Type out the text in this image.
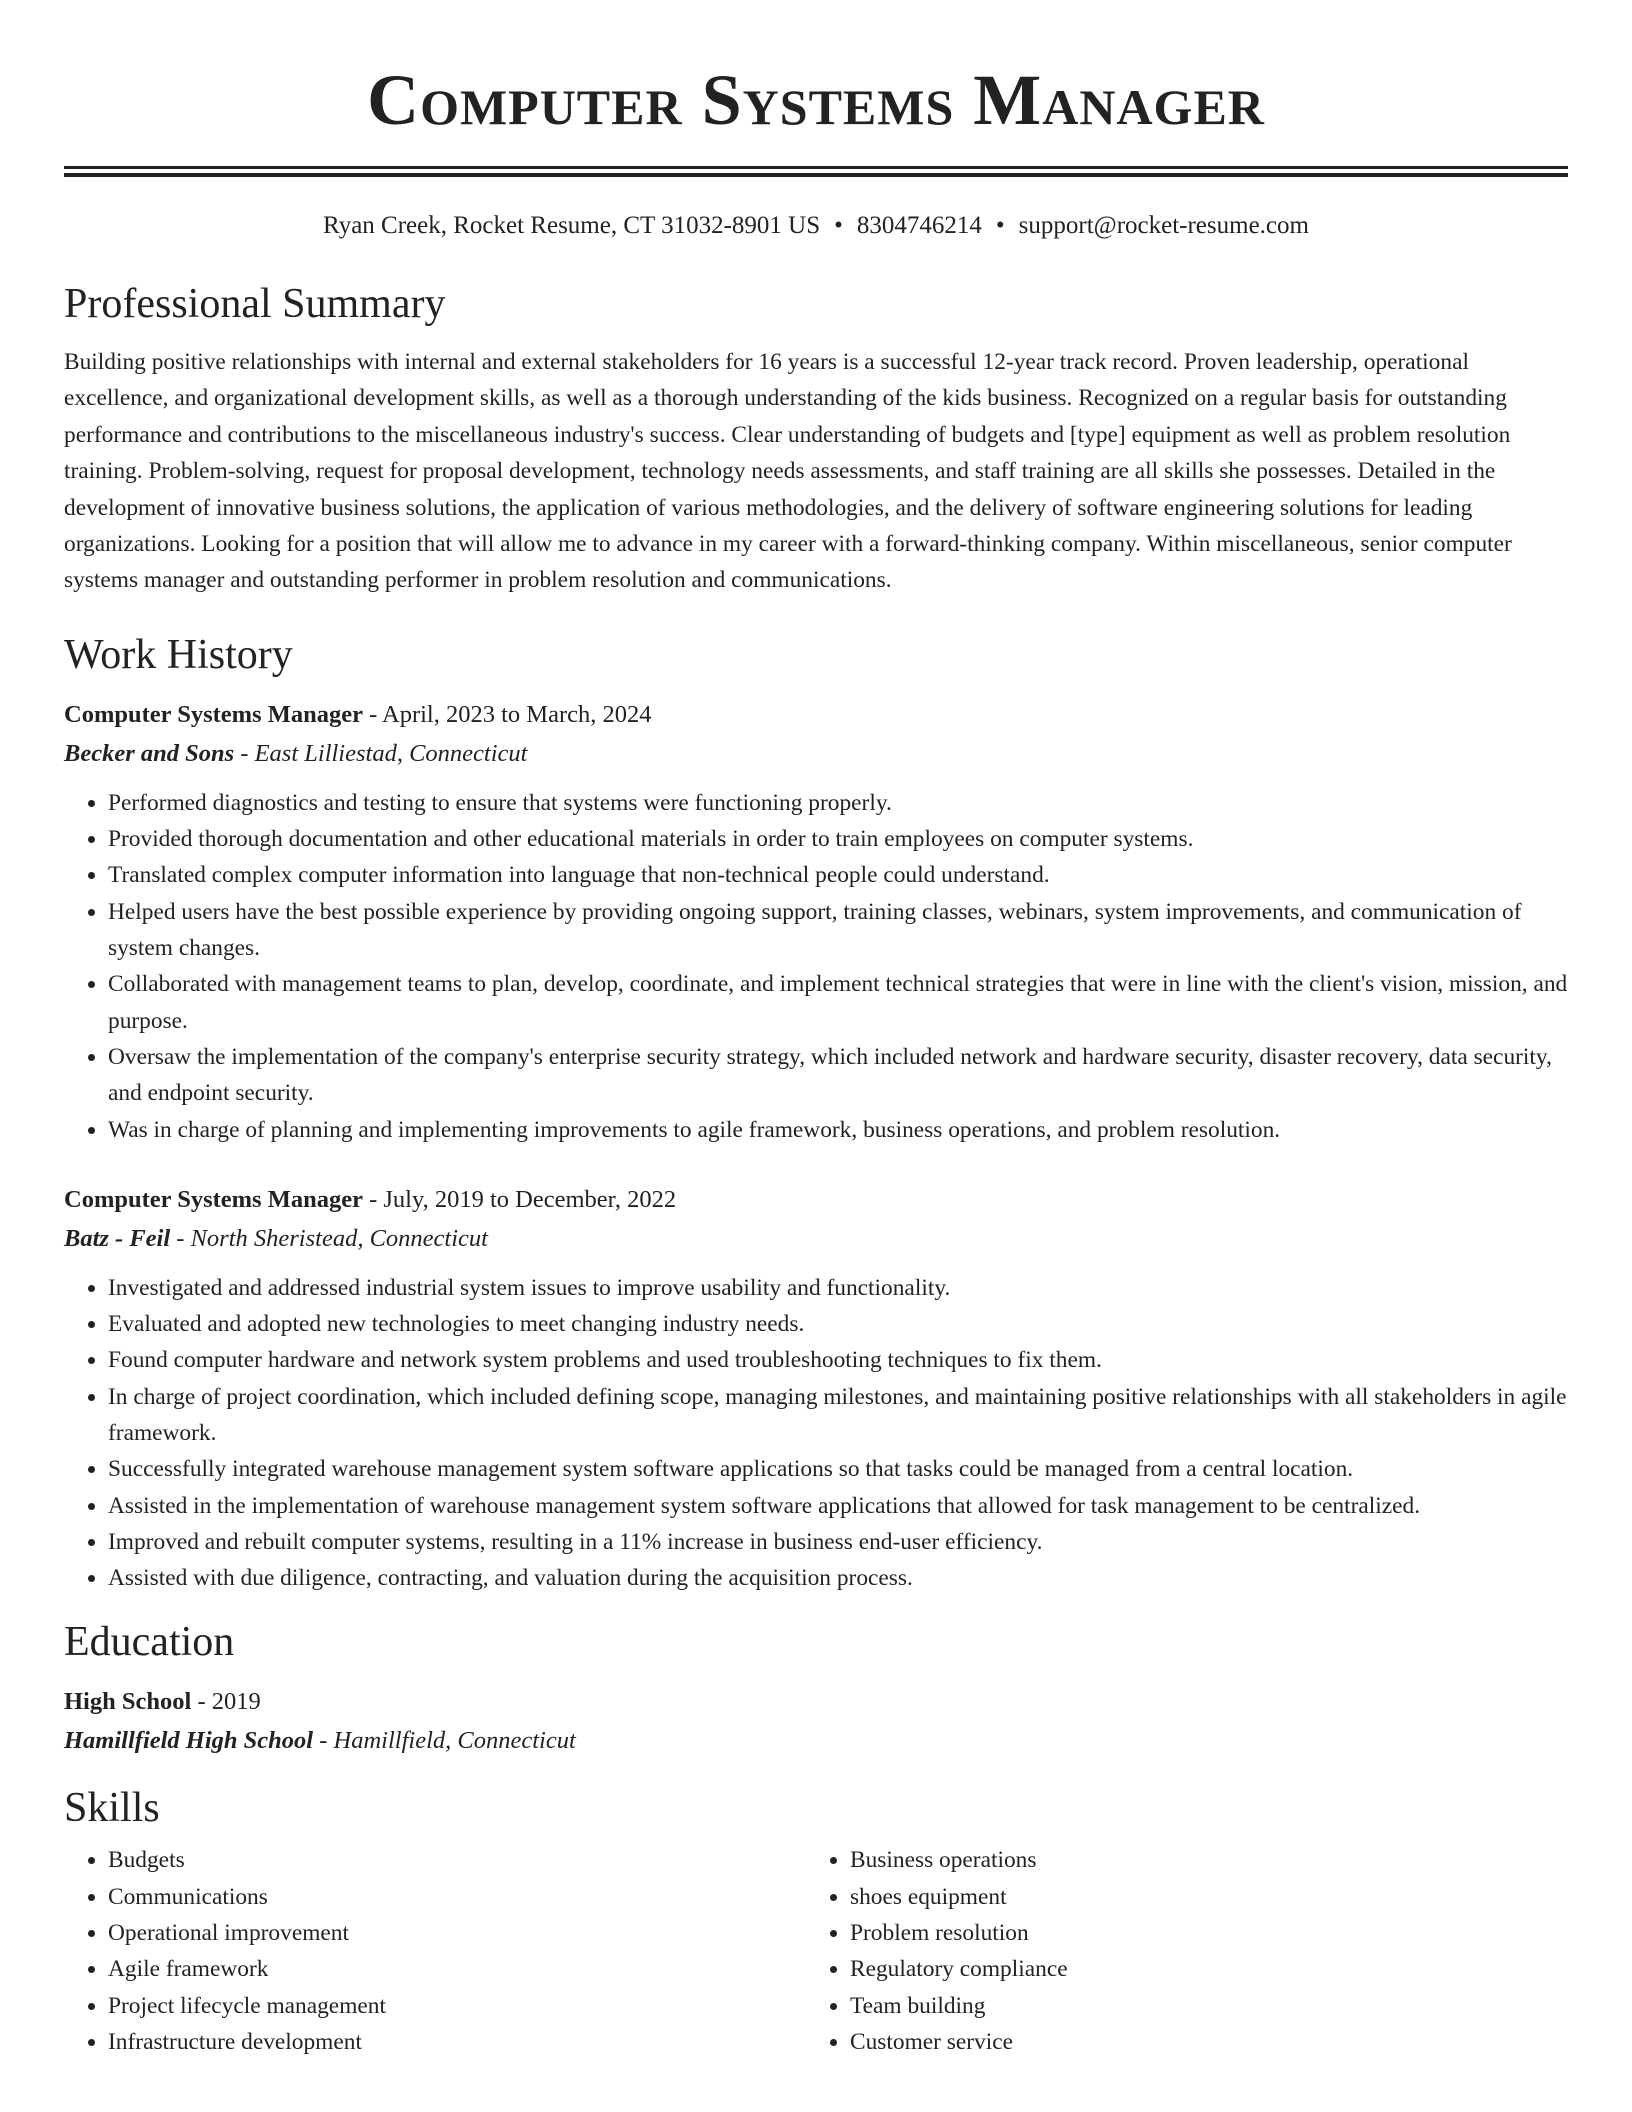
Computer Systems Manager
Ryan Creek, Rocket Resume, CT 31032-8901 US • 8304746214 • support@rocket-resume.com
Professional Summary
Building positive relationships with internal and external stakeholders for 16 years is a successful 12-year track record. Proven leadership, operational excellence, and organizational development skills, as well as a thorough understanding of the kids business. Recognized on a regular basis for outstanding performance and contributions to the miscellaneous industry's success. Clear understanding of budgets and [type] equipment as well as problem resolution training. Problem-solving, request for proposal development, technology needs assessments, and staff training are all skills she possesses. Detailed in the development of innovative business solutions, the application of various methodologies, and the delivery of software engineering solutions for leading organizations. Looking for a position that will allow me to advance in my career with a forward-thinking company. Within miscellaneous, senior computer systems manager and outstanding performer in problem resolution and communications.
Work History
Computer Systems Manager - April, 2023 to March, 2024
Becker and Sons - East Lilliestad, Connecticut
• Performed diagnostics and testing to ensure that systems were functioning properly.
• Provided thorough documentation and other educational materials in order to train employees on computer systems.
• Translated complex computer information into language that non-technical people could understand.
• Helped users have the best possible experience by providing ongoing support, training classes, webinars, system improvements, and communication of system changes.
• Collaborated with management teams to plan, develop, coordinate, and implement technical strategies that were in line with the client's vision, mission, and purpose.
• Oversaw the implementation of the company's enterprise security strategy, which included network and hardware security, disaster recovery, data security, and endpoint security.
• Was in charge of planning and implementing improvements to agile framework, business operations, and problem resolution.
Computer Systems Manager - July, 2019 to December, 2022
Batz - Feil - North Sheristead, Connecticut
• Investigated and addressed industrial system issues to improve usability and functionality.
• Evaluated and adopted new technologies to meet changing industry needs.
• Found computer hardware and network system problems and used troubleshooting techniques to fix them.
• In charge of project coordination, which included defining scope, managing milestones, and maintaining positive relationships with all stakeholders in agile framework.
• Successfully integrated warehouse management system software applications so that tasks could be managed from a central location.
• Assisted in the implementation of warehouse management system software applications that allowed for task management to be centralized.
• Improved and rebuilt computer systems, resulting in a 11% increase in business end-user efficiency.
• Assisted with due diligence, contracting, and valuation during the acquisition process.
Education
High School - 2019
Hamillfield High School - Hamillfield, Connecticut
Skills
• Budgets
• Communications
• Operational improvement
• Agile framework
• Project lifecycle management
• Infrastructure development
• Business operations
• shoes equipment
• Problem resolution
• Regulatory compliance
• Team building
• Customer service
